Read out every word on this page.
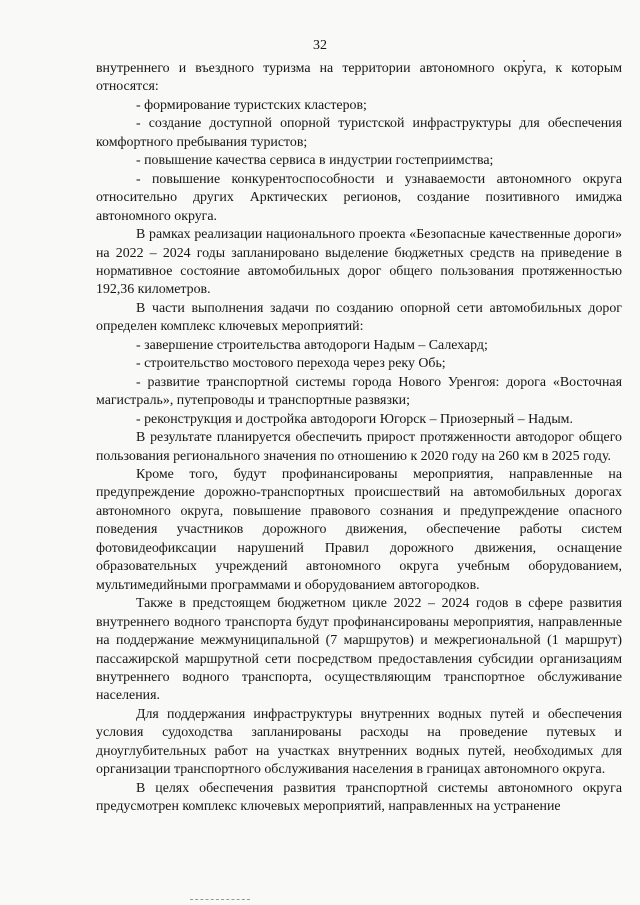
32

внутреннего и въездного туризма на территории автономного округа, к которым относятся:

- формирование туристских кластеров;

- создание доступной опорной туристской инфраструктуры для обеспечения комфортного пребывания туристов;

- повышение качества сервиса в индустрии гостеприимства;

- повышение конкурентоспособности и узнаваемости автономного округа относительно других Арктических регионов, создание позитивного имиджа автономного округа.

В рамках реализации национального проекта «Безопасные качественные дороги» на 2022 – 2024 годы запланировано выделение бюджетных средств на приведение в нормативное состояние автомобильных дорог общего пользования протяженностью 192,36 километров.

В части выполнения задачи по созданию опорной сети автомобильных дорог определен комплекс ключевых мероприятий:

- завершение строительства автодороги Надым – Салехард;

- строительство мостового перехода через реку Обь;

- развитие транспортной системы города Нового Уренгоя: дорога «Восточная магистраль», путепроводы и транспортные развязки;

- реконструкция и достройка автодороги Югорск – Приозерный – Надым.

В результате планируется обеспечить прирост протяженности автодорог общего пользования регионального значения по отношению к 2020 году на 260 км в 2025 году.

Кроме того, будут профинансированы мероприятия, направленные на предупреждение дорожно-транспортных происшествий на автомобильных дорогах автономного округа, повышение правового сознания и предупреждение опасного поведения участников дорожного движения, обеспечение работы систем фотовидеофиксации нарушений Правил дорожного движения, оснащение образовательных учреждений автономного округа учебным оборудованием, мультимедийными программами и оборудованием автогородков.

Также в предстоящем бюджетном цикле 2022 – 2024 годов в сфере развития внутреннего водного транспорта будут профинансированы мероприятия, направленные на поддержание межмуниципальной (7 маршрутов) и межрегиональной (1 маршрут) пассажирской маршрутной сети посредством предоставления субсидии организациям внутреннего водного транспорта, осуществляющим транспортное обслуживание населения.

Для поддержания инфраструктуры внутренних водных путей и обеспечения условия судоходства запланированы расходы на проведение путевых и дноуглубительных работ на участках внутренних водных путей, необходимых для организации транспортного обслуживания населения в границах автономного округа.

В целях обеспечения развития транспортной системы автономного округа предусмотрен комплекс ключевых мероприятий, направленных на устранение
